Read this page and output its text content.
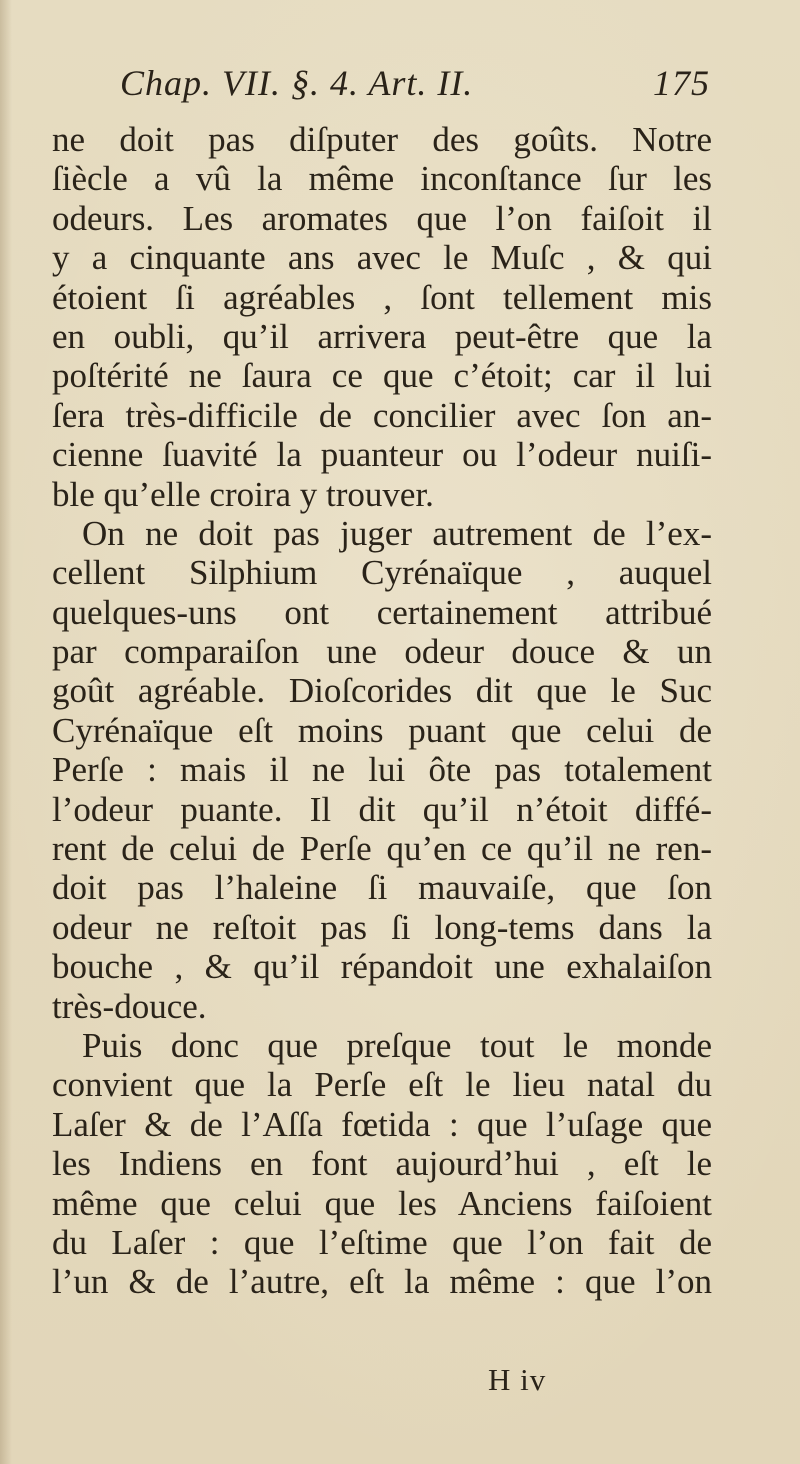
Chap. VII. §. 4. Art. II.	175
ne doit pas diſputer des goûts. Notre
ſiècle a vû la même inconſtance ſur les
odeurs. Les aromates que l’on faiſoit il
y a cinquante ans avec le Muſc , & qui
étoient ſi agréables , ſont tellement mis
en oubli, qu’il arrivera peut-être que la
poſtérité ne ſaura ce que c’étoit; car il lui
ſera très-difficile de concilier avec ſon an-
cienne ſuavité la puanteur ou l’odeur nuiſi-
ble qu’elle croira y trouver.
On ne doit pas juger autrement de l’ex-
cellent Silphium Cyrénaïque , auquel
quelques-uns ont certainement attribué
par comparaiſon une odeur douce & un
goût agréable. Dioſcorides dit que le Suc
Cyrénaïque eſt moins puant que celui de
Perſe : mais il ne lui ôte pas totalement
l’odeur puante. Il dit qu’il n’étoit diffé-
rent de celui de Perſe qu’en ce qu’il ne ren-
doit pas l’haleine ſi mauvaiſe, que ſon
odeur ne reſtoit pas ſi long-tems dans la
bouche , & qu’il répandoit une exhalaiſon
très-douce.
Puis donc que preſque tout le monde
convient que la Perſe eſt le lieu natal du
Laſer & de l’Aſſa fœtida : que l’uſage que
les Indiens en font aujourd’hui , eſt le
même que celui que les Anciens faiſoient
du Laſer : que l’eſtime que l’on fait de
l’un & de l’autre, eſt la même : que l’on
H iv
